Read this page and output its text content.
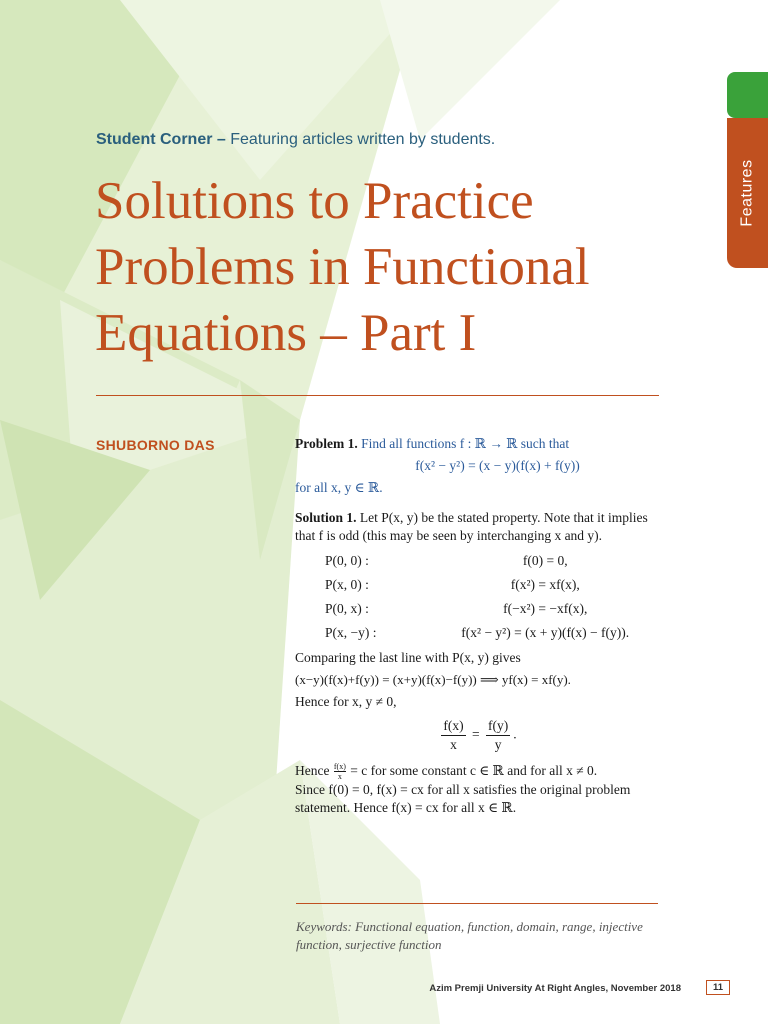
Features
Student Corner – Featuring articles written by students.
Solutions to Practice
Problems in Functional
Equations – Part I
SHUBORNO DAS	Problem 1. Find all functions f : ℝ → ℝ such that

f(x² − y²) = (x − y)(f(x) + f(y))

for all x, y ∈ ℝ.

Solution 1. Let P(x, y) be the stated property. Note that it implies that f is odd (this may be seen by interchanging x and y).

P(0, 0) :	f(0) = 0,
P(x, 0) :	f(x²) = xf(x),
P(0, x) :	f(−x²) = −xf(x),
P(x, −y) :	f(x² − y²) = (x + y)(f(x) − f(y)).

Comparing the last line with P(x, y) gives

(x−y)(f(x)+f(y)) = (x+y)(f(x)−f(y)) ⟹ yf(x) = xf(y).

Hence for x, y ≠ 0,

$\frac{f(x)}{x} = \frac{f(y)}{y}$ .

Hence $\frac{f(x)}{x} = c$ for some constant c ∈ ℝ and for all x ≠ 0.

Since f(0) = 0, f(x) = cx for all x satisfies the original problem statement. Hence f(x) = cx for all x ∈ ℝ.

Keywords: Functional equation, function, domain, range, injective function, surjective function
Azim Premji University At Right Angles, November 2018	11
